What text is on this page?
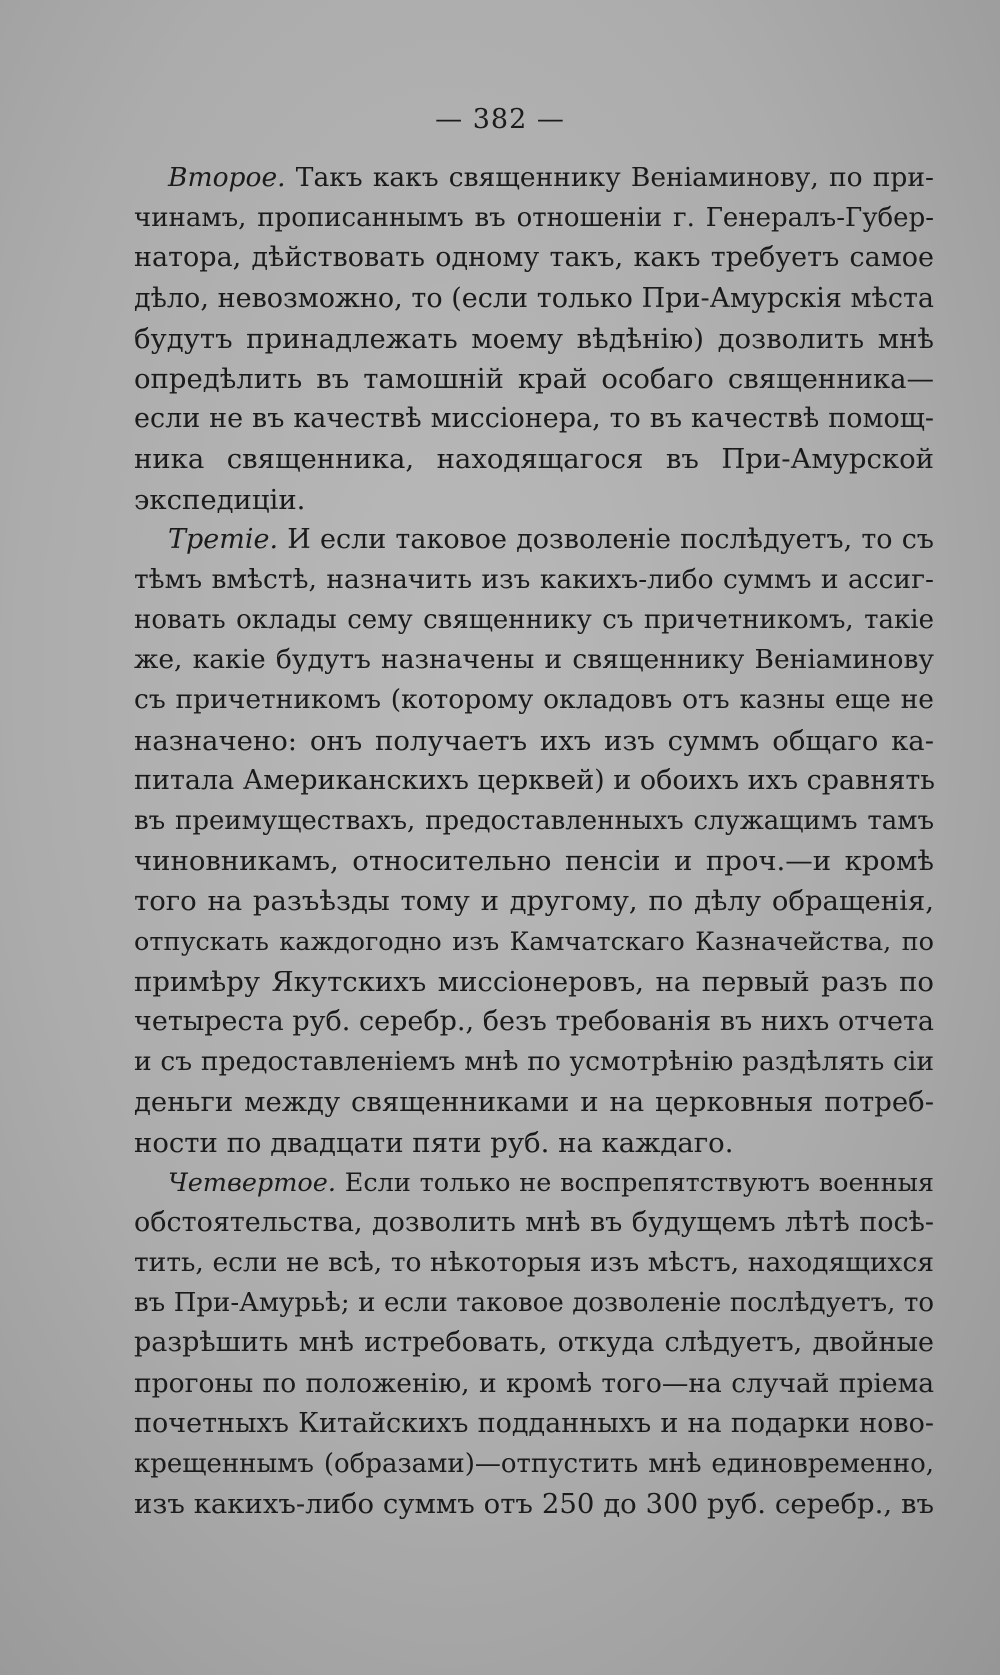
— 382 —
Второе. Такъ какъ священнику Веніаминову, по при-
чинамъ, прописаннымъ въ отношеніи г. Генералъ-Губер-
натора, дѣйствовать одному такъ, какъ требуетъ самое
дѣло, невозможно, то (если только При-Амурскія мѣста
будутъ принадлежать моему вѣдѣнію) дозволить мнѣ
опредѣлить въ тамошній край особаго священника—
если не въ качествѣ миссіонера, то въ качествѣ помощ-
ника священника, находящагося въ При-Амурской
экспедиціи.
Третіе. И если таковое дозволеніе послѣдуетъ, то съ
тѣмъ вмѣстѣ, назначить изъ какихъ-либо суммъ и ассиг-
новать оклады сему священнику съ причетникомъ, такіе
же, какіе будутъ назначены и священнику Веніаминову
съ причетникомъ (которому окладовъ отъ казны еще не
назначено: онъ получаетъ ихъ изъ суммъ общаго ка-
питала Американскихъ церквей) и обоихъ ихъ сравнять
въ преимуществахъ, предоставленныхъ служащимъ тамъ
чиновникамъ, относительно пенсіи и проч.—и кромѣ
того на разъѣзды тому и другому, по дѣлу обращенія,
отпускать каждогодно изъ Камчатскаго Казначейства, по
примѣру Якутскихъ миссіонеровъ, на первый разъ по
четыреста руб. серебр., безъ требованія въ нихъ отчета
и съ предоставленіемъ мнѣ по усмотрѣнію раздѣлять сіи
деньги между священниками и на церковныя потреб-
ности по двадцати пяти руб. на каждаго.
Четвертое. Если только не воспрепятствуютъ военныя
обстоятельства, дозволить мнѣ въ будущемъ лѣтѣ посѣ-
тить, если не всѣ, то нѣкоторыя изъ мѣстъ, находящихся
въ При-Амурьѣ; и если таковое дозволеніе послѣдуетъ, то
разрѣшить мнѣ истребовать, откуда слѣдуетъ, двойные
прогоны по положенію, и кромѣ того—на случай пріема
почетныхъ Китайскихъ подданныхъ и на подарки ново-
крещеннымъ (образами)—отпустить мнѣ единовременно,
изъ какихъ-либо суммъ отъ 250 до 300 руб. серебр., въ
